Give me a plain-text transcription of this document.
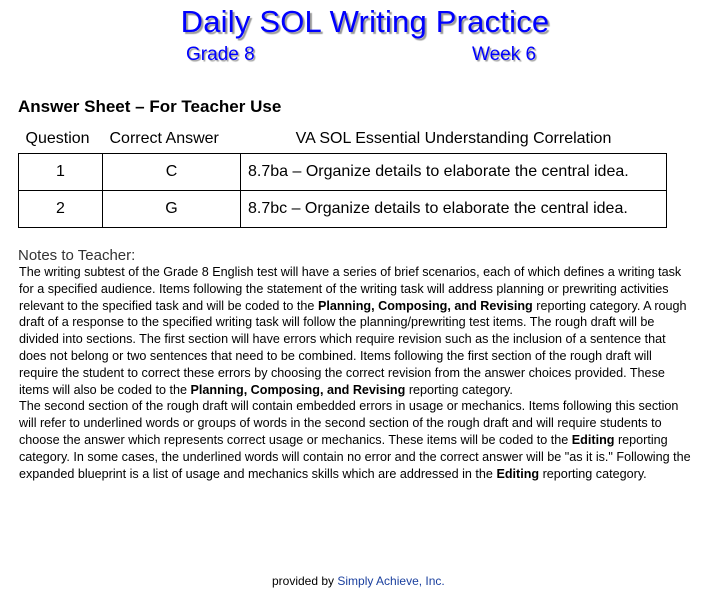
Daily SOL Writing Practice
Grade 8	Week 6
Answer Sheet – For Teacher Use
Question	Correct Answer	VA SOL Essential Understanding Correlation
1	C	8.7ba – Organize details to elaborate the central idea.
2	G	8.7bc – Organize details to elaborate the central idea.
Notes to Teacher:

The writing subtest of the Grade 8 English test will have a series of brief scenarios, each of which defines a writing task for a specified audience. Items following the statement of the writing task will address planning or prewriting activities relevant to the specified task and will be coded to the Planning, Composing, and Revising reporting category. A rough draft of a response to the specified writing task will follow the planning/prewriting test items. The rough draft will be divided into sections. The first section will have errors which require revision such as the inclusion of a sentence that does not belong or two sentences that need to be combined. Items following the first section of the rough draft will require the student to correct these errors by choosing the correct revision from the answer choices provided. These items will also be coded to the Planning, Composing, and Revising reporting category.

The second section of the rough draft will contain embedded errors in usage or mechanics. Items following this section will refer to underlined words or groups of words in the second section of the rough draft and will require students to choose the answer which represents correct usage or mechanics. These items will be coded to the Editing reporting category. In some cases, the underlined words will contain no error and the correct answer will be "as it is." Following the expanded blueprint is a list of usage and mechanics skills which are addressed in the Editing reporting category.

provided by Simply Achieve, Inc.
